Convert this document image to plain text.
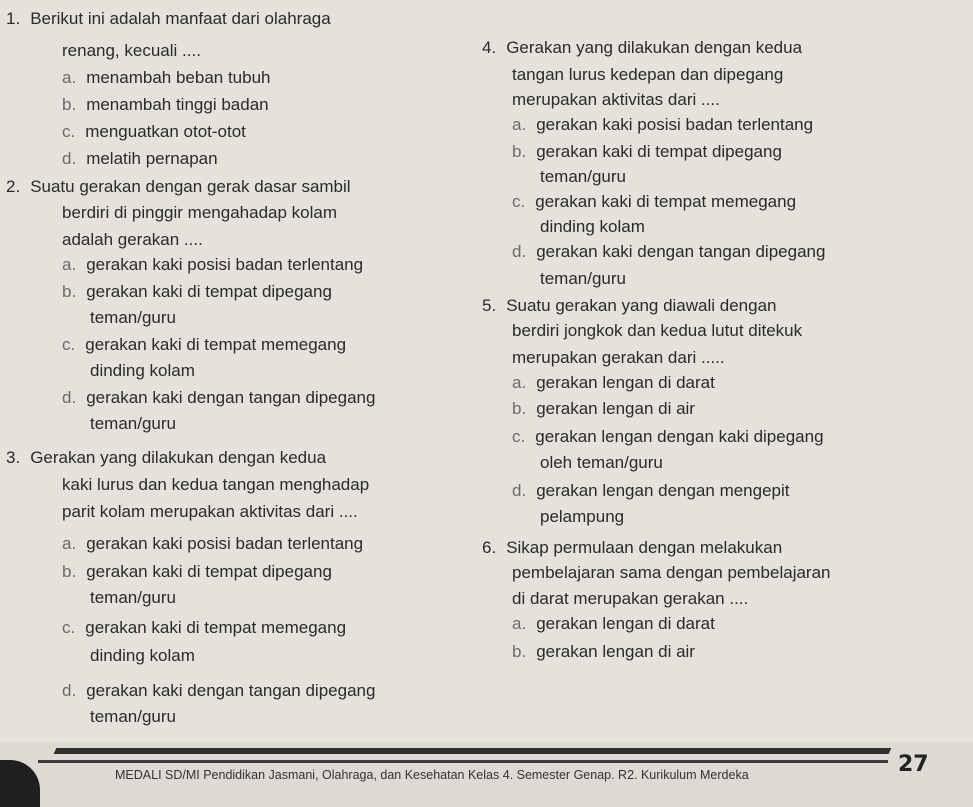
1. Berikut ini adalah manfaat dari olahraga
renang, kecuali ....
a. menambah beban tubuh
b. menambah tinggi badan
c. menguatkan otot-otot
d. melatih pernapan
2. Suatu gerakan dengan gerak dasar sambil
berdiri di pinggir mengahadap kolam
adalah gerakan ....
a. gerakan kaki posisi badan terlentang
b. gerakan kaki di tempat dipegang
teman/guru
c. gerakan kaki di tempat memegang
dinding kolam
d. gerakan kaki dengan tangan dipegang
teman/guru
3. Gerakan yang dilakukan dengan kedua
kaki lurus dan kedua tangan menghadap
parit kolam merupakan aktivitas dari ....
a. gerakan kaki posisi badan terlentang
b. gerakan kaki di tempat dipegang
teman/guru
c. gerakan kaki di tempat memegang
dinding kolam
d. gerakan kaki dengan tangan dipegang
teman/guru
4. Gerakan yang dilakukan dengan kedua
tangan lurus kedepan dan dipegang
merupakan aktivitas dari ....
a. gerakan kaki posisi badan terlentang
b. gerakan kaki di tempat dipegang
teman/guru
c. gerakan kaki di tempat memegang
dinding kolam
d. gerakan kaki dengan tangan dipegang
teman/guru
5. Suatu gerakan yang diawali dengan
berdiri jongkok dan kedua lutut ditekuk
merupakan gerakan dari .....
a. gerakan lengan di darat
b. gerakan lengan di air
c. gerakan lengan dengan kaki dipegang
oleh teman/guru
d. gerakan lengan dengan mengepit
pelampung
6. Sikap permulaan dengan melakukan
pembelajaran sama dengan pembelajaran
di darat merupakan gerakan ....
a. gerakan lengan di darat
b. gerakan lengan di air
MEDALI SD/MI Pendidikan Jasmani, Olahraga, dan Kesehatan Kelas 4. Semester Genap. R2. Kurikulum Merdeka	27
